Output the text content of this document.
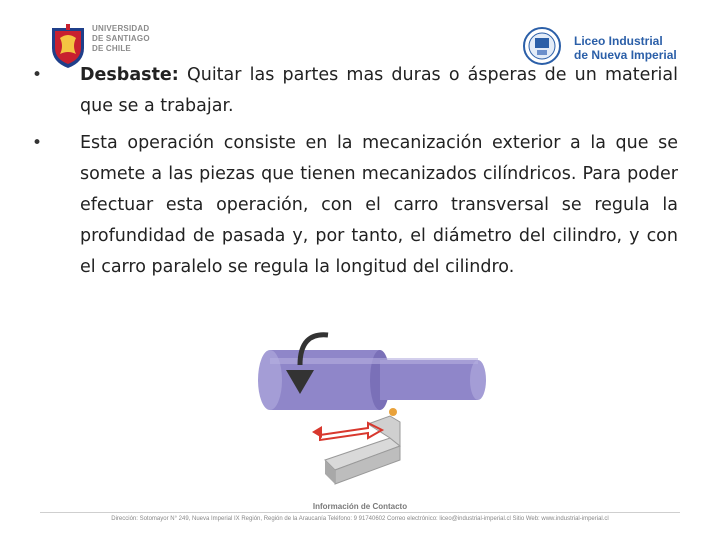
UNIVERSIDAD
DE SANTIAGO
DE CHILE
Liceo Industrial
de Nueva Imperial
•	Desbaste: Quitar las partes mas duras o ásperas de un material que se a trabajar.
•	Esta operación consiste en la mecanización exterior a la que se somete a las piezas que tienen mecanizados cilíndricos. Para poder efectuar esta operación, con el carro transversal se regula la profundidad de pasada y, por tanto, el diámetro del cilindro, y con el carro paralelo se regula la longitud del cilindro.
Información de Contacto
Dirección: Sotomayor N° 249, Nueva Imperial IX Región, Región de la Araucanía Teléfono: 9 91740602 Correo electrónico: liceo@industrial-imperial.cl Sitio Web: www.industrial-imperial.cl
